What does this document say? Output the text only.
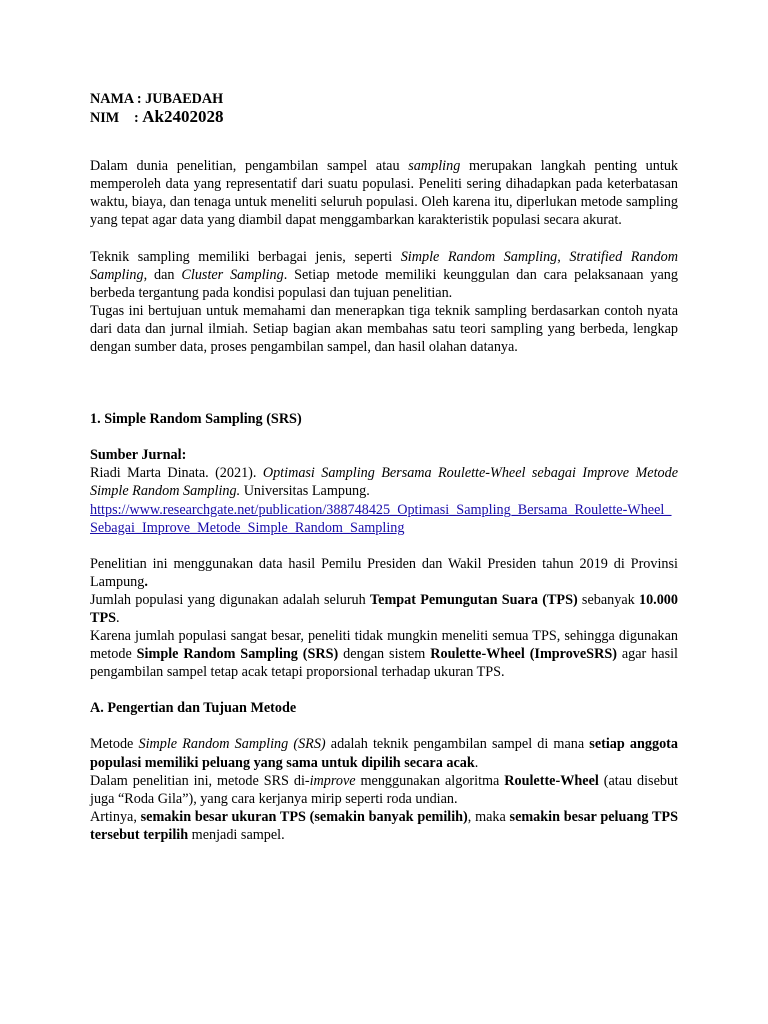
NAMA : JUBAEDAH

NIM : Ak2402028

Dalam dunia penelitian, pengambilan sampel atau sampling merupakan langkah penting untuk memperoleh data yang representatif dari suatu populasi. Peneliti sering dihadapkan pada keterbatasan waktu, biaya, dan tenaga untuk meneliti seluruh populasi. Oleh karena itu, diperlukan metode sampling yang tepat agar data yang diambil dapat menggambarkan karakteristik populasi secara akurat.

Teknik sampling memiliki berbagai jenis, seperti Simple Random Sampling, Stratified Random Sampling, dan Cluster Sampling. Setiap metode memiliki keunggulan dan cara pelaksanaan yang berbeda tergantung pada kondisi populasi dan tujuan penelitian.

Tugas ini bertujuan untuk memahami dan menerapkan tiga teknik sampling berdasarkan contoh nyata dari data dan jurnal ilmiah. Setiap bagian akan membahas satu teori sampling yang berbeda, lengkap dengan sumber data, proses pengambilan sampel, dan hasil olahan datanya.

1. Simple Random Sampling (SRS)

Sumber Jurnal:

Riadi Marta Dinata. (2021). Optimasi Sampling Bersama Roulette-Wheel sebagai Improve Metode Simple Random Sampling. Universitas Lampung.

https://www.researchgate.net/publication/388748425_Optimasi_Sampling_Bersama_Roulette-Wheel_Sebagai_Improve_Metode_Simple_Random_Sampling

Penelitian ini menggunakan data hasil Pemilu Presiden dan Wakil Presiden tahun 2019 di Provinsi Lampung.

Jumlah populasi yang digunakan adalah seluruh Tempat Pemungutan Suara (TPS) sebanyak 10.000 TPS.

Karena jumlah populasi sangat besar, peneliti tidak mungkin meneliti semua TPS, sehingga digunakan metode Simple Random Sampling (SRS) dengan sistem Roulette-Wheel (ImproveSRS) agar hasil pengambilan sampel tetap acak tetapi proporsional terhadap ukuran TPS.

A. Pengertian dan Tujuan Metode

Metode Simple Random Sampling (SRS) adalah teknik pengambilan sampel di mana setiap anggota populasi memiliki peluang yang sama untuk dipilih secara acak.

Dalam penelitian ini, metode SRS di-improve menggunakan algoritma Roulette-Wheel (atau disebut juga “Roda Gila”), yang cara kerjanya mirip seperti roda undian.

Artinya, semakin besar ukuran TPS (semakin banyak pemilih), maka semakin besar peluang TPS tersebut terpilih menjadi sampel.
